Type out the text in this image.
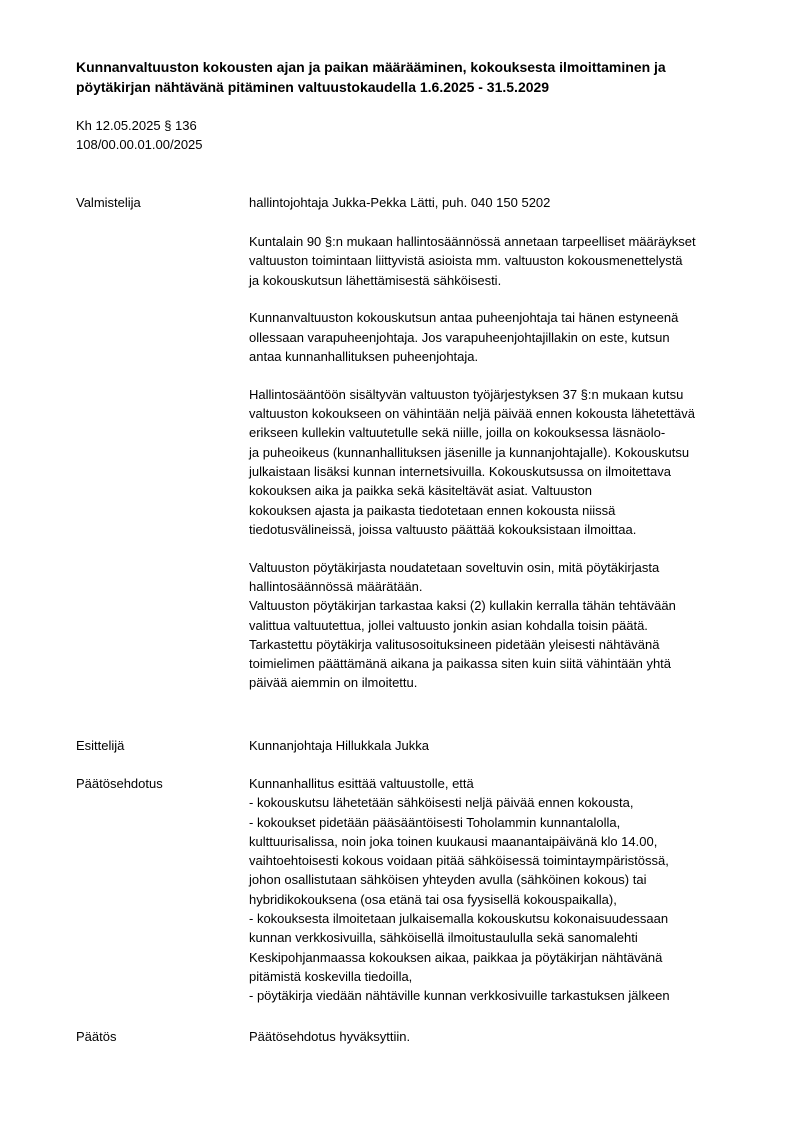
Kunnanvaltuuston kokousten ajan ja paikan määrääminen, kokouksesta ilmoittaminen ja
pöytäkirjan nähtävänä pitäminen valtuustokaudella 1.6.2025 - 31.5.2029
Kh 12.05.2025 § 136
108/00.00.01.00/2025
Valmistelija	hallintojohtaja Jukka-Pekka Lätti, puh. 040 150 5202
Kuntalain 90 §:n mukaan hallintosäännössä annetaan tarpeelliset määräykset
valtuuston toimintaan liittyvistä asioista mm. valtuuston kokousmenettelystä
ja kokouskutsun lähettämisestä sähköisesti.
Kunnanvaltuuston kokouskutsun antaa puheenjohtaja tai hänen estyneenä
ollessaan varapuheenjohtaja. Jos varapuheenjohtajillakin on este, kutsun
antaa kunnanhallituksen puheenjohtaja.
Hallintosääntöön sisältyvän valtuuston työjärjestyksen 37 §:n mukaan kutsu
valtuuston kokoukseen on vähintään neljä päivää ennen kokousta lähetettävä
erikseen kullekin valtuutetulle sekä niille, joilla on kokouksessa läsnäolo-
ja puheoikeus (kunnanhallituksen jäsenille ja kunnanjohtajalle). Kokouskutsu
julkaistaan lisäksi kunnan internetsivuilla. Kokouskutsussa on ilmoitettava
kokouksen aika ja paikka sekä käsiteltävät asiat. Valtuuston
kokouksen ajasta ja paikasta tiedotetaan ennen kokousta niissä
tiedotusvälineissä, joissa valtuusto päättää kokouksistaan ilmoittaa.
Valtuuston pöytäkirjasta noudatetaan soveltuvin osin, mitä pöytäkirjasta
hallintosäännössä määrätään.
Valtuuston pöytäkirjan tarkastaa kaksi (2) kullakin kerralla tähän tehtävään
valittua valtuutettua, jollei valtuusto jonkin asian kohdalla toisin päätä.
Tarkastettu pöytäkirja valitusosoituksineen pidetään yleisesti nähtävänä
toimielimen päättämänä aikana ja paikassa siten kuin siitä vähintään yhtä
päivää aiemmin on ilmoitettu.
Esittelijä	Kunnanjohtaja Hillukkala Jukka
Päätösehdotus	Kunnanhallitus esittää valtuustolle, että
- kokouskutsu lähetetään sähköisesti neljä päivää ennen kokousta,
- kokoukset pidetään pääsääntöisesti Toholammin kunnantalolla,
kulttuurisalissa, noin joka toinen kuukausi maanantaipäivänä klo 14.00,
vaihtoehtoisesti kokous voidaan pitää sähköisessä toimintaympäristössä,
johon osallistutaan sähköisen yhteyden avulla (sähköinen kokous) tai
hybridikokouksena (osa etänä tai osa fyysisellä kokouspaikalla),
- kokouksesta ilmoitetaan julkaisemalla kokouskutsu kokonaisuudessaan
kunnan verkkosivuilla, sähköisellä ilmoitustaululla sekä sanomalehti
Keskipohjanmaassa kokouksen aikaa, paikkaa ja pöytäkirjan nähtävänä
pitämistä koskevilla tiedoilla,
- pöytäkirja viedään nähtäville kunnan verkkosivuille tarkastuksen jälkeen
Päätös	Päätösehdotus hyväksyttiin.
